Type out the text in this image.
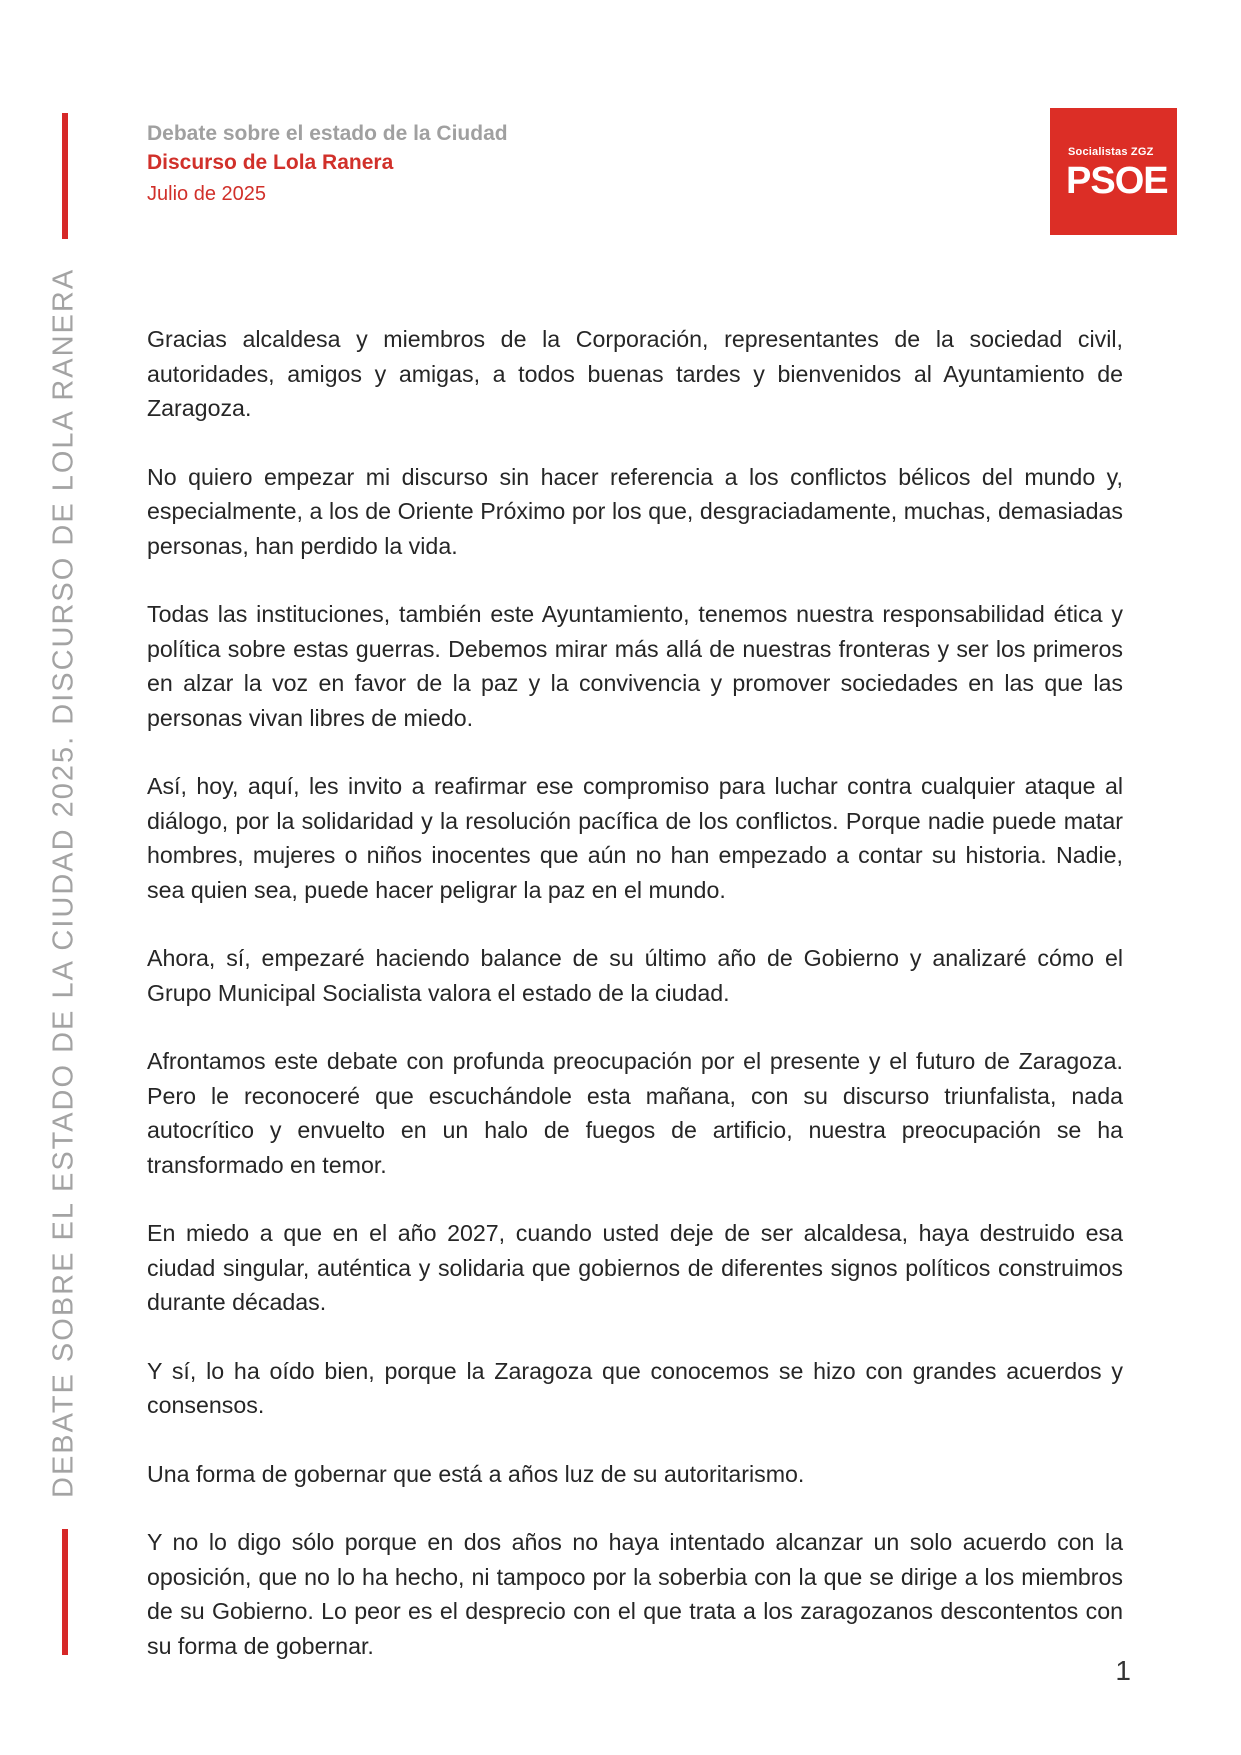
DEBATE SOBRE EL ESTADO DE LA CIUDAD 2025. DISCURSO DE LOLA RANERA
Debate sobre el estado de la Ciudad
Discurso de Lola Ranera
Julio de 2025
Socialistas ZGZ
PSOE

Gracias alcaldesa y miembros de la Corporación, representantes de la sociedad civil, autoridades, amigos y amigas, a todos buenas tardes y bienvenidos al Ayuntamiento de Zaragoza.

No quiero empezar mi discurso sin hacer referencia a los conflictos bélicos del mundo y, especialmente, a los de Oriente Próximo por los que, desgraciadamente, muchas, demasiadas personas, han perdido la vida.

Todas las instituciones, también este Ayuntamiento, tenemos nuestra responsabilidad ética y política sobre estas guerras. Debemos mirar más allá de nuestras fronteras y ser los primeros en alzar la voz en favor de la paz y la convivencia y promover sociedades en las que las personas vivan libres de miedo.

Así, hoy, aquí, les invito a reafirmar ese compromiso para luchar contra cualquier ataque al diálogo, por la solidaridad y la resolución pacífica de los conflictos. Porque nadie puede matar hombres, mujeres o niños inocentes que aún no han empezado a contar su historia. Nadie, sea quien sea, puede hacer peligrar la paz en el mundo.

Ahora, sí, empezaré haciendo balance de su último año de Gobierno y analizaré cómo el Grupo Municipal Socialista valora el estado de la ciudad.

Afrontamos este debate con profunda preocupación por el presente y el futuro de Zaragoza. Pero le reconoceré que escuchándole esta mañana, con su discurso triunfalista, nada autocrítico y envuelto en un halo de fuegos de artificio, nuestra preocupación se ha transformado en temor.

En miedo a que en el año 2027, cuando usted deje de ser alcaldesa, haya destruido esa ciudad singular, auténtica y solidaria que gobiernos de diferentes signos políticos construimos durante décadas.

Y sí, lo ha oído bien, porque la Zaragoza que conocemos se hizo con grandes acuerdos y consensos.

Una forma de gobernar que está a años luz de su autoritarismo.

Y no lo digo sólo porque en dos años no haya intentado alcanzar un solo acuerdo con la oposición, que no lo ha hecho, ni tampoco por la soberbia con la que se dirige a los miembros de su Gobierno. Lo peor es el desprecio con el que trata a los zaragozanos descontentos con su forma de gobernar.

1
